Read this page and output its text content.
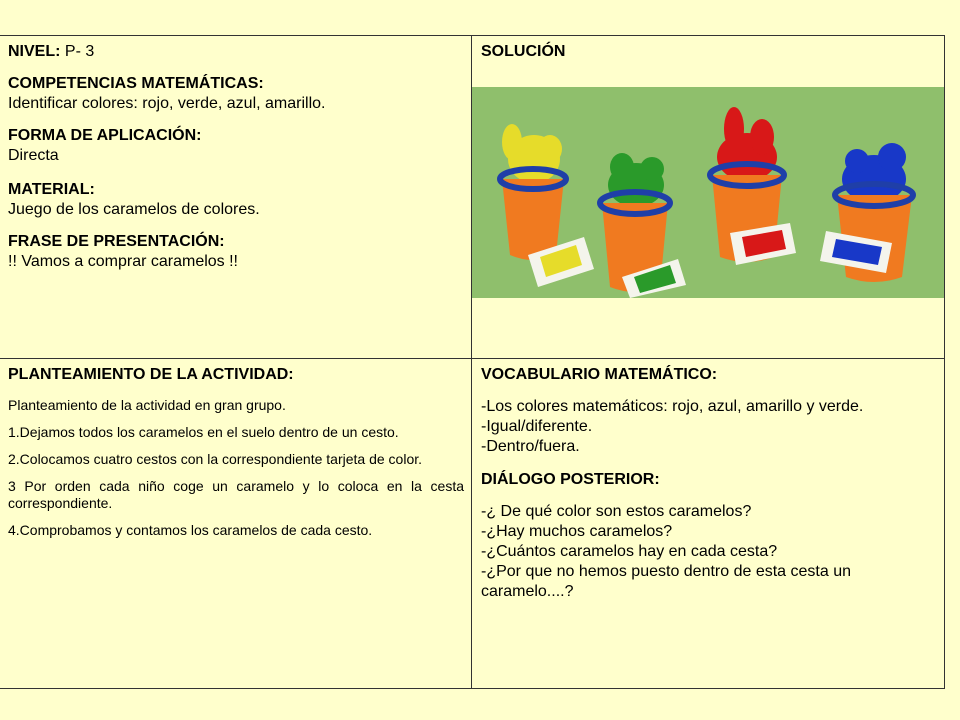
NIVEL: P- 3
COMPETENCIAS MATEMÁTICAS:
Identificar colores: rojo, verde, azul, amarillo.
FORMA DE APLICACIÓN:
Directa
MATERIAL:
Juego de los caramelos de colores.
FRASE DE PRESENTACIÓN:
!! Vamos a comprar caramelos !!
SOLUCIÓN
PLANTEAMIENTO DE LA ACTIVIDAD:
Planteamiento de la actividad en gran grupo.
1.Dejamos todos los caramelos en el suelo dentro de un cesto.
2.Colocamos cuatro cestos con la correspondiente tarjeta de color.
3 Por orden cada niño coge un caramelo y lo coloca en la cesta correspondiente.
4.Comprobamos y contamos los caramelos de cada cesto.
VOCABULARIO MATEMÁTICO:
-Los colores matemáticos: rojo, azul, amarillo y verde.
-Igual/diferente.
-Dentro/fuera.
DIÁLOGO POSTERIOR:
-¿ De qué color son estos caramelos?
-¿Hay muchos caramelos?
-¿Cuántos caramelos hay en cada cesta?
-¿Por que no hemos puesto dentro de esta cesta un caramelo....?
